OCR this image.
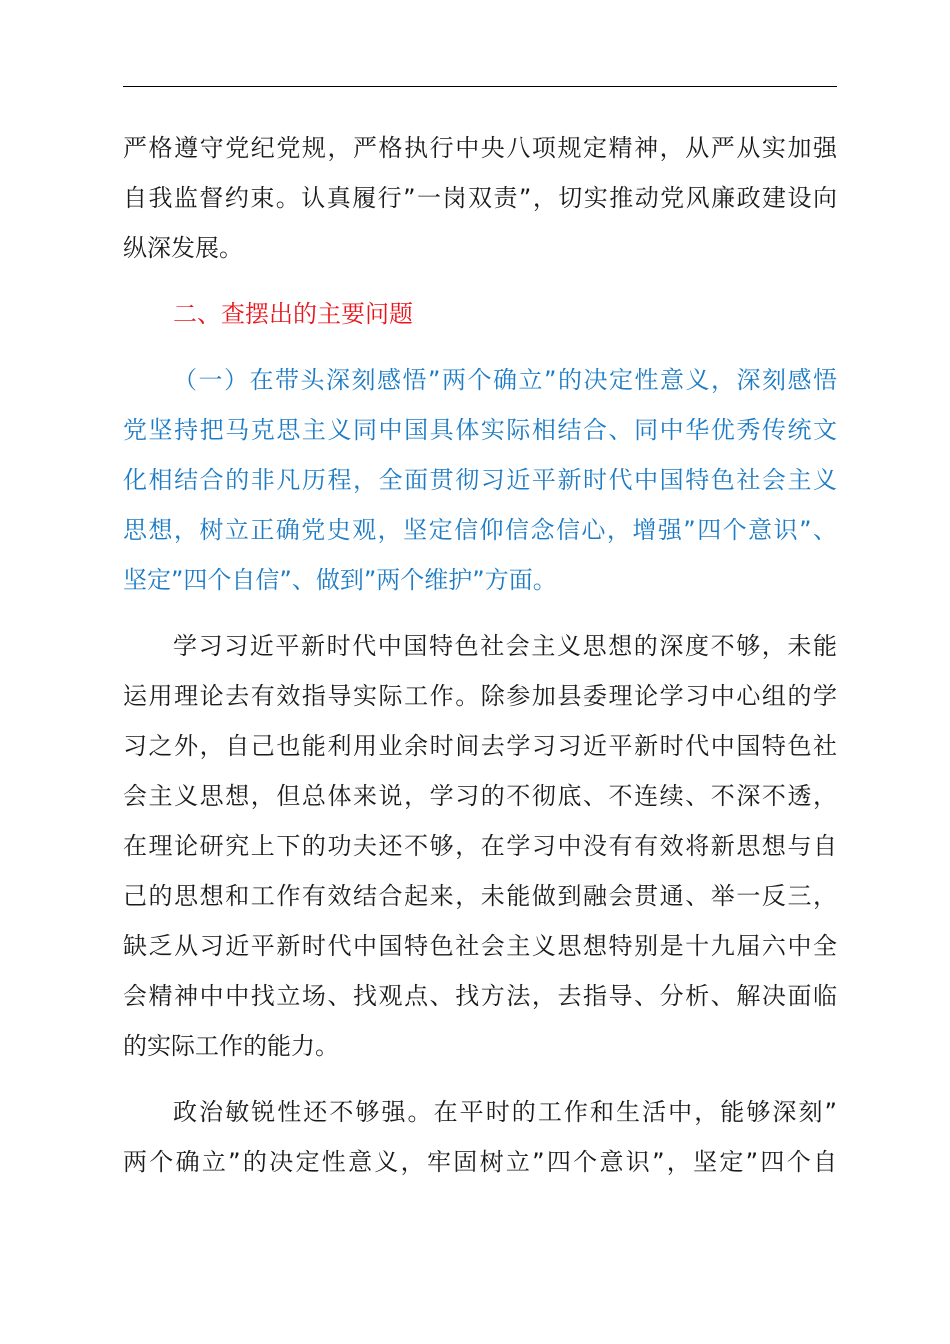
严格遵守党纪党规，严格执行中央八项规定精神，从严从实加强
自我监督约束。认真履行”一岗双责”，切实推动党风廉政建设向
纵深发展。
二、查摆出的主要问题
（一）在带头深刻感悟”两个确立”的决定性意义，深刻感悟
党坚持把马克思主义同中国具体实际相结合、同中华优秀传统文
化相结合的非凡历程，全面贯彻习近平新时代中国特色社会主义
思想，树立正确党史观，坚定信仰信念信心，增强”四个意识”、
坚定”四个自信”、做到”两个维护”方面。
学习习近平新时代中国特色社会主义思想的深度不够，未能
运用理论去有效指导实际工作。除参加县委理论学习中心组的学
习之外，自己也能利用业余时间去学习习近平新时代中国特色社
会主义思想，但总体来说，学习的不彻底、不连续、不深不透，
在理论研究上下的功夫还不够，在学习中没有有效将新思想与自
己的思想和工作有效结合起来，未能做到融会贯通、举一反三，
缺乏从习近平新时代中国特色社会主义思想特别是十九届六中全
会精神中中找立场、找观点、找方法，去指导、分析、解决面临
的实际工作的能力。
政治敏锐性还不够强。在平时的工作和生活中，能够深刻”
两个确立”的决定性意义，牢固树立”四个意识”，坚定”四个自
